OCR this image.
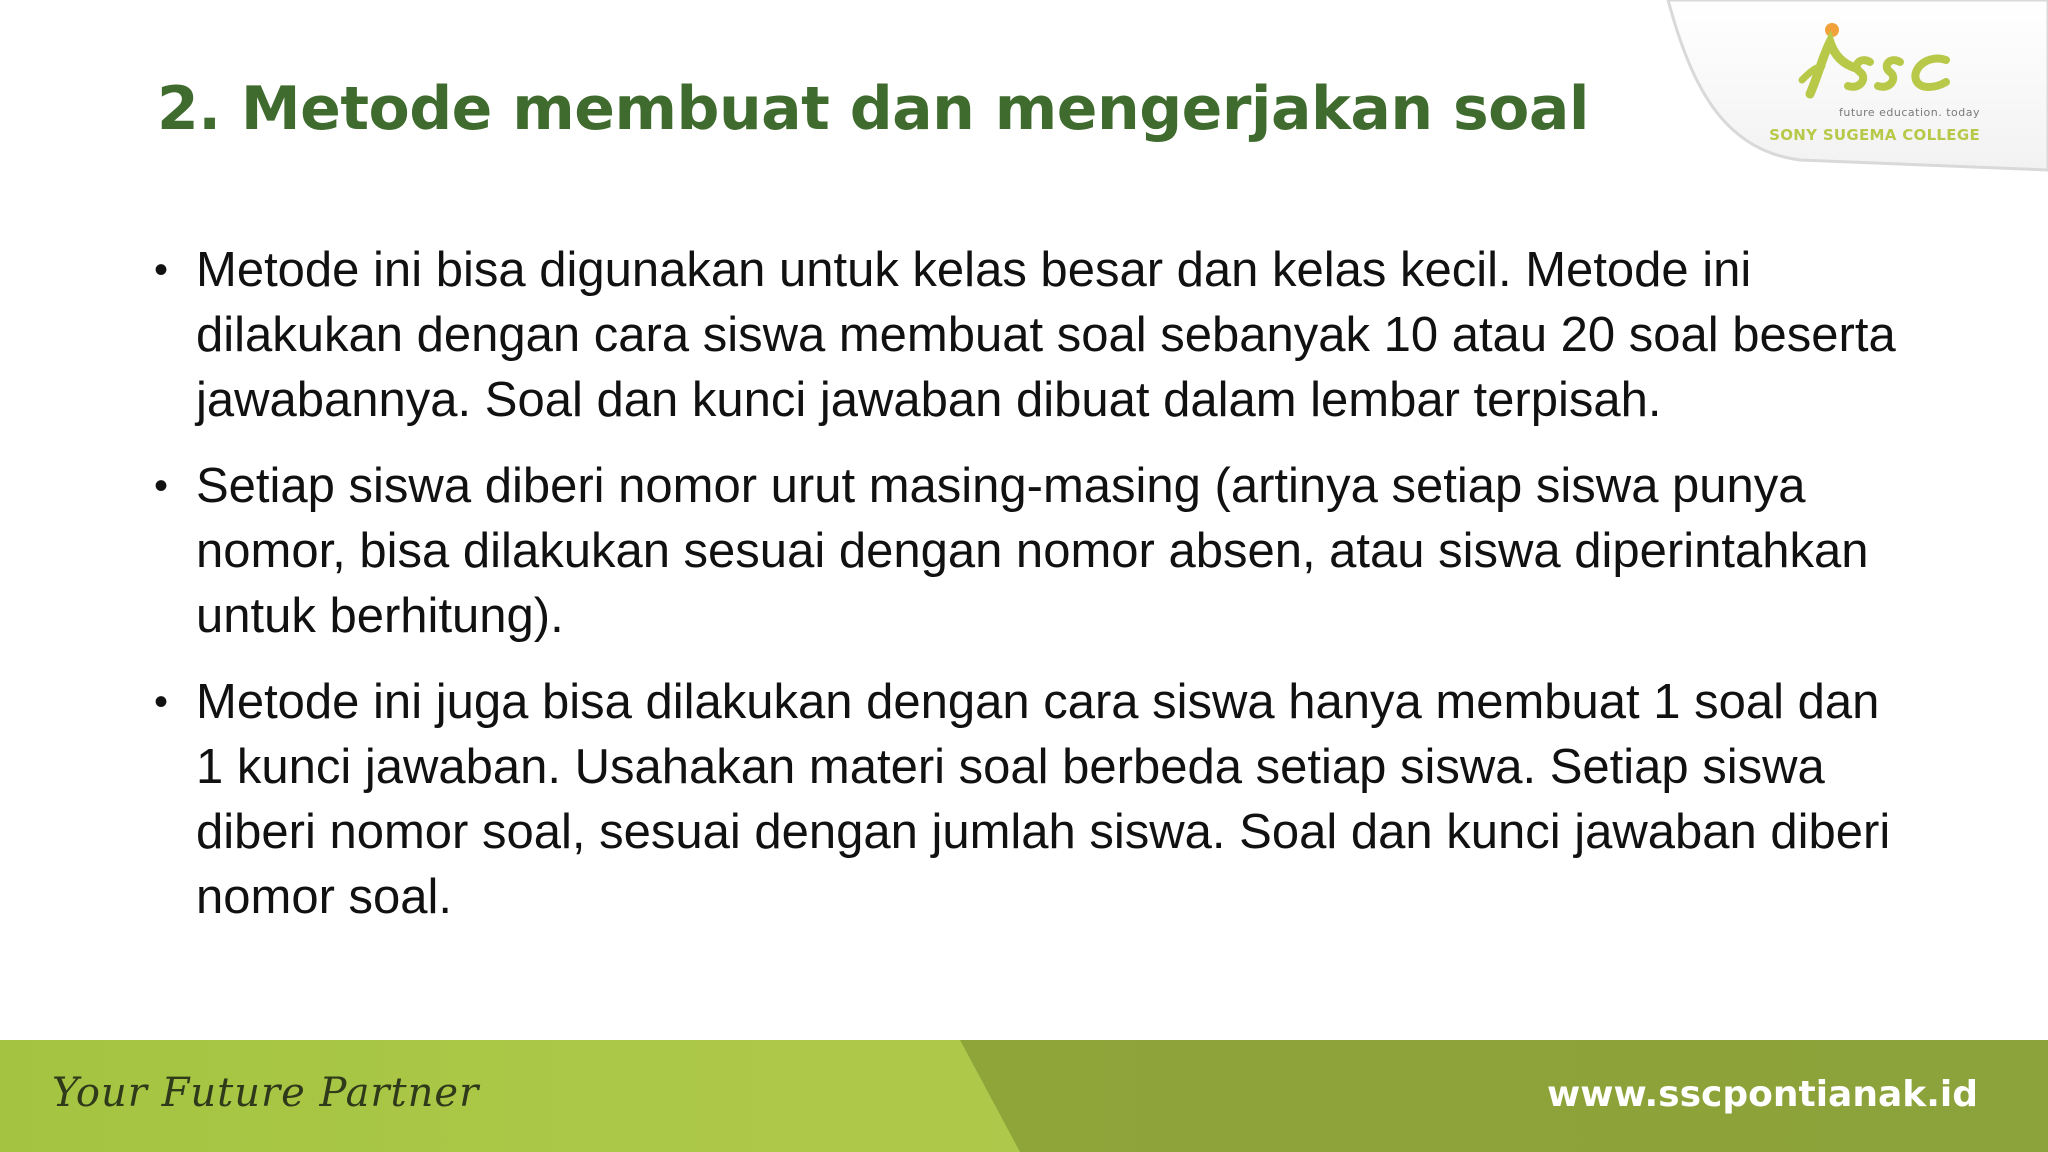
future education. today
SONY SUGEMA COLLEGE
2. Metode membuat dan mengerjakan soal
• Metode ini bisa digunakan untuk kelas besar dan kelas kecil. Metode ini dilakukan dengan cara siswa membuat soal sebanyak 10 atau 20 soal beserta jawabannya. Soal dan kunci jawaban dibuat dalam lembar terpisah.
• Setiap siswa diberi nomor urut masing-masing (artinya setiap siswa punya nomor, bisa dilakukan sesuai dengan nomor absen, atau siswa diperintahkan untuk berhitung).
• Metode ini juga bisa dilakukan dengan cara siswa hanya membuat 1 soal dan 1 kunci jawaban. Usahakan materi soal berbeda setiap siswa. Setiap siswa diberi nomor soal, sesuai dengan jumlah siswa. Soal dan kunci jawaban diberi nomor soal.
Your Future Partner	www.sscpontianak.id
